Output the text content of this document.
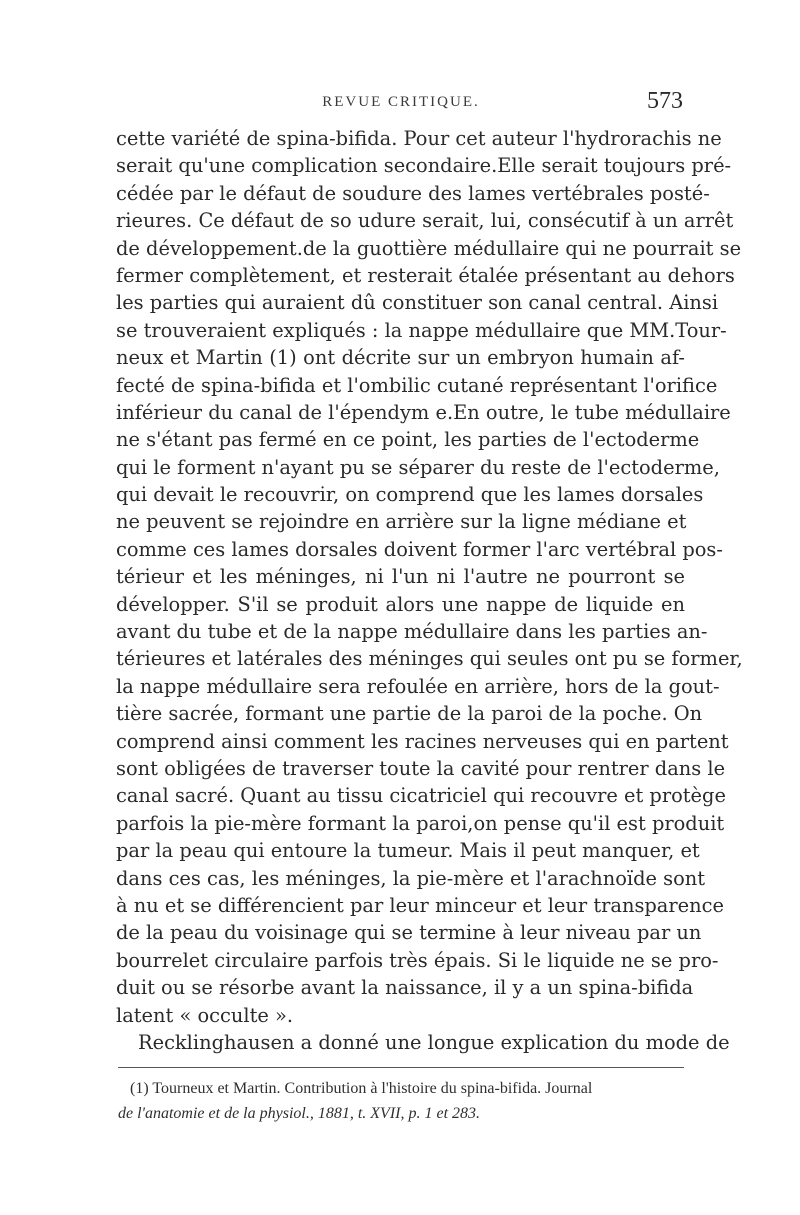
REVUE CRITIQUE.	573
cette variété de spina-bifida. Pour cet auteur l'hydrorachis ne
serait qu'une complication secondaire.Elle serait toujours pré-
cédée par le défaut de soudure des lames vertébrales posté-
rieures. Ce défaut de so udure serait, lui, consécutif à un arrêt
de développement.de la guottière médullaire qui ne pourrait se
fermer complètement, et resterait étalée présentant au dehors
les parties qui auraient dû constituer son canal central. Ainsi
se trouveraient expliqués : la nappe médullaire que MM.Tour-
neux et Martin (1) ont décrite sur un embryon humain af-
fecté de spina-bifida et l'ombilic cutané représentant l'orifice
inférieur du canal de l'épendym e.En outre, le tube médullaire
ne s'étant pas fermé en ce point, les parties de l'ectoderme
qui le forment n'ayant pu se séparer du reste de l'ectoderme,
qui devait le recouvrir, on comprend que les lames dorsales
ne peuvent se rejoindre en arrière sur la ligne médiane et
comme ces lames dorsales doivent former l'arc vertébral pos-
térieur et les méninges, ni l'un ni l'autre ne pourront se
développer. S'il se produit alors une nappe de liquide en
avant du tube et de la nappe médullaire dans les parties an-
térieures et latérales des méninges qui seules ont pu se former,
la nappe médullaire sera refoulée en arrière, hors de la gout-
tière sacrée, formant une partie de la paroi de la poche. On
comprend ainsi comment les racines nerveuses qui en partent
sont obligées de traverser toute la cavité pour rentrer dans le
canal sacré. Quant au tissu cicatriciel qui recouvre et protège
parfois la pie-mère formant la paroi,on pense qu'il est produit
par la peau qui entoure la tumeur. Mais il peut manquer, et
dans ces cas, les méninges, la pie-mère et l'arachnoïde sont
à nu et se différencient par leur minceur et leur transparence
de la peau du voisinage qui se termine à leur niveau par un
bourrelet circulaire parfois très épais. Si le liquide ne se pro-
duit ou se résorbe avant la naissance, il y a un spina-bifida
latent « occulte ».
Recklinghausen a donné une longue explication du mode de
(1) Tourneux et Martin. Contribution à l'histoire du spina-bifida. Journal
de l'anatomie et de la physiol., 1881, t. XVII, p. 1 et 283.
